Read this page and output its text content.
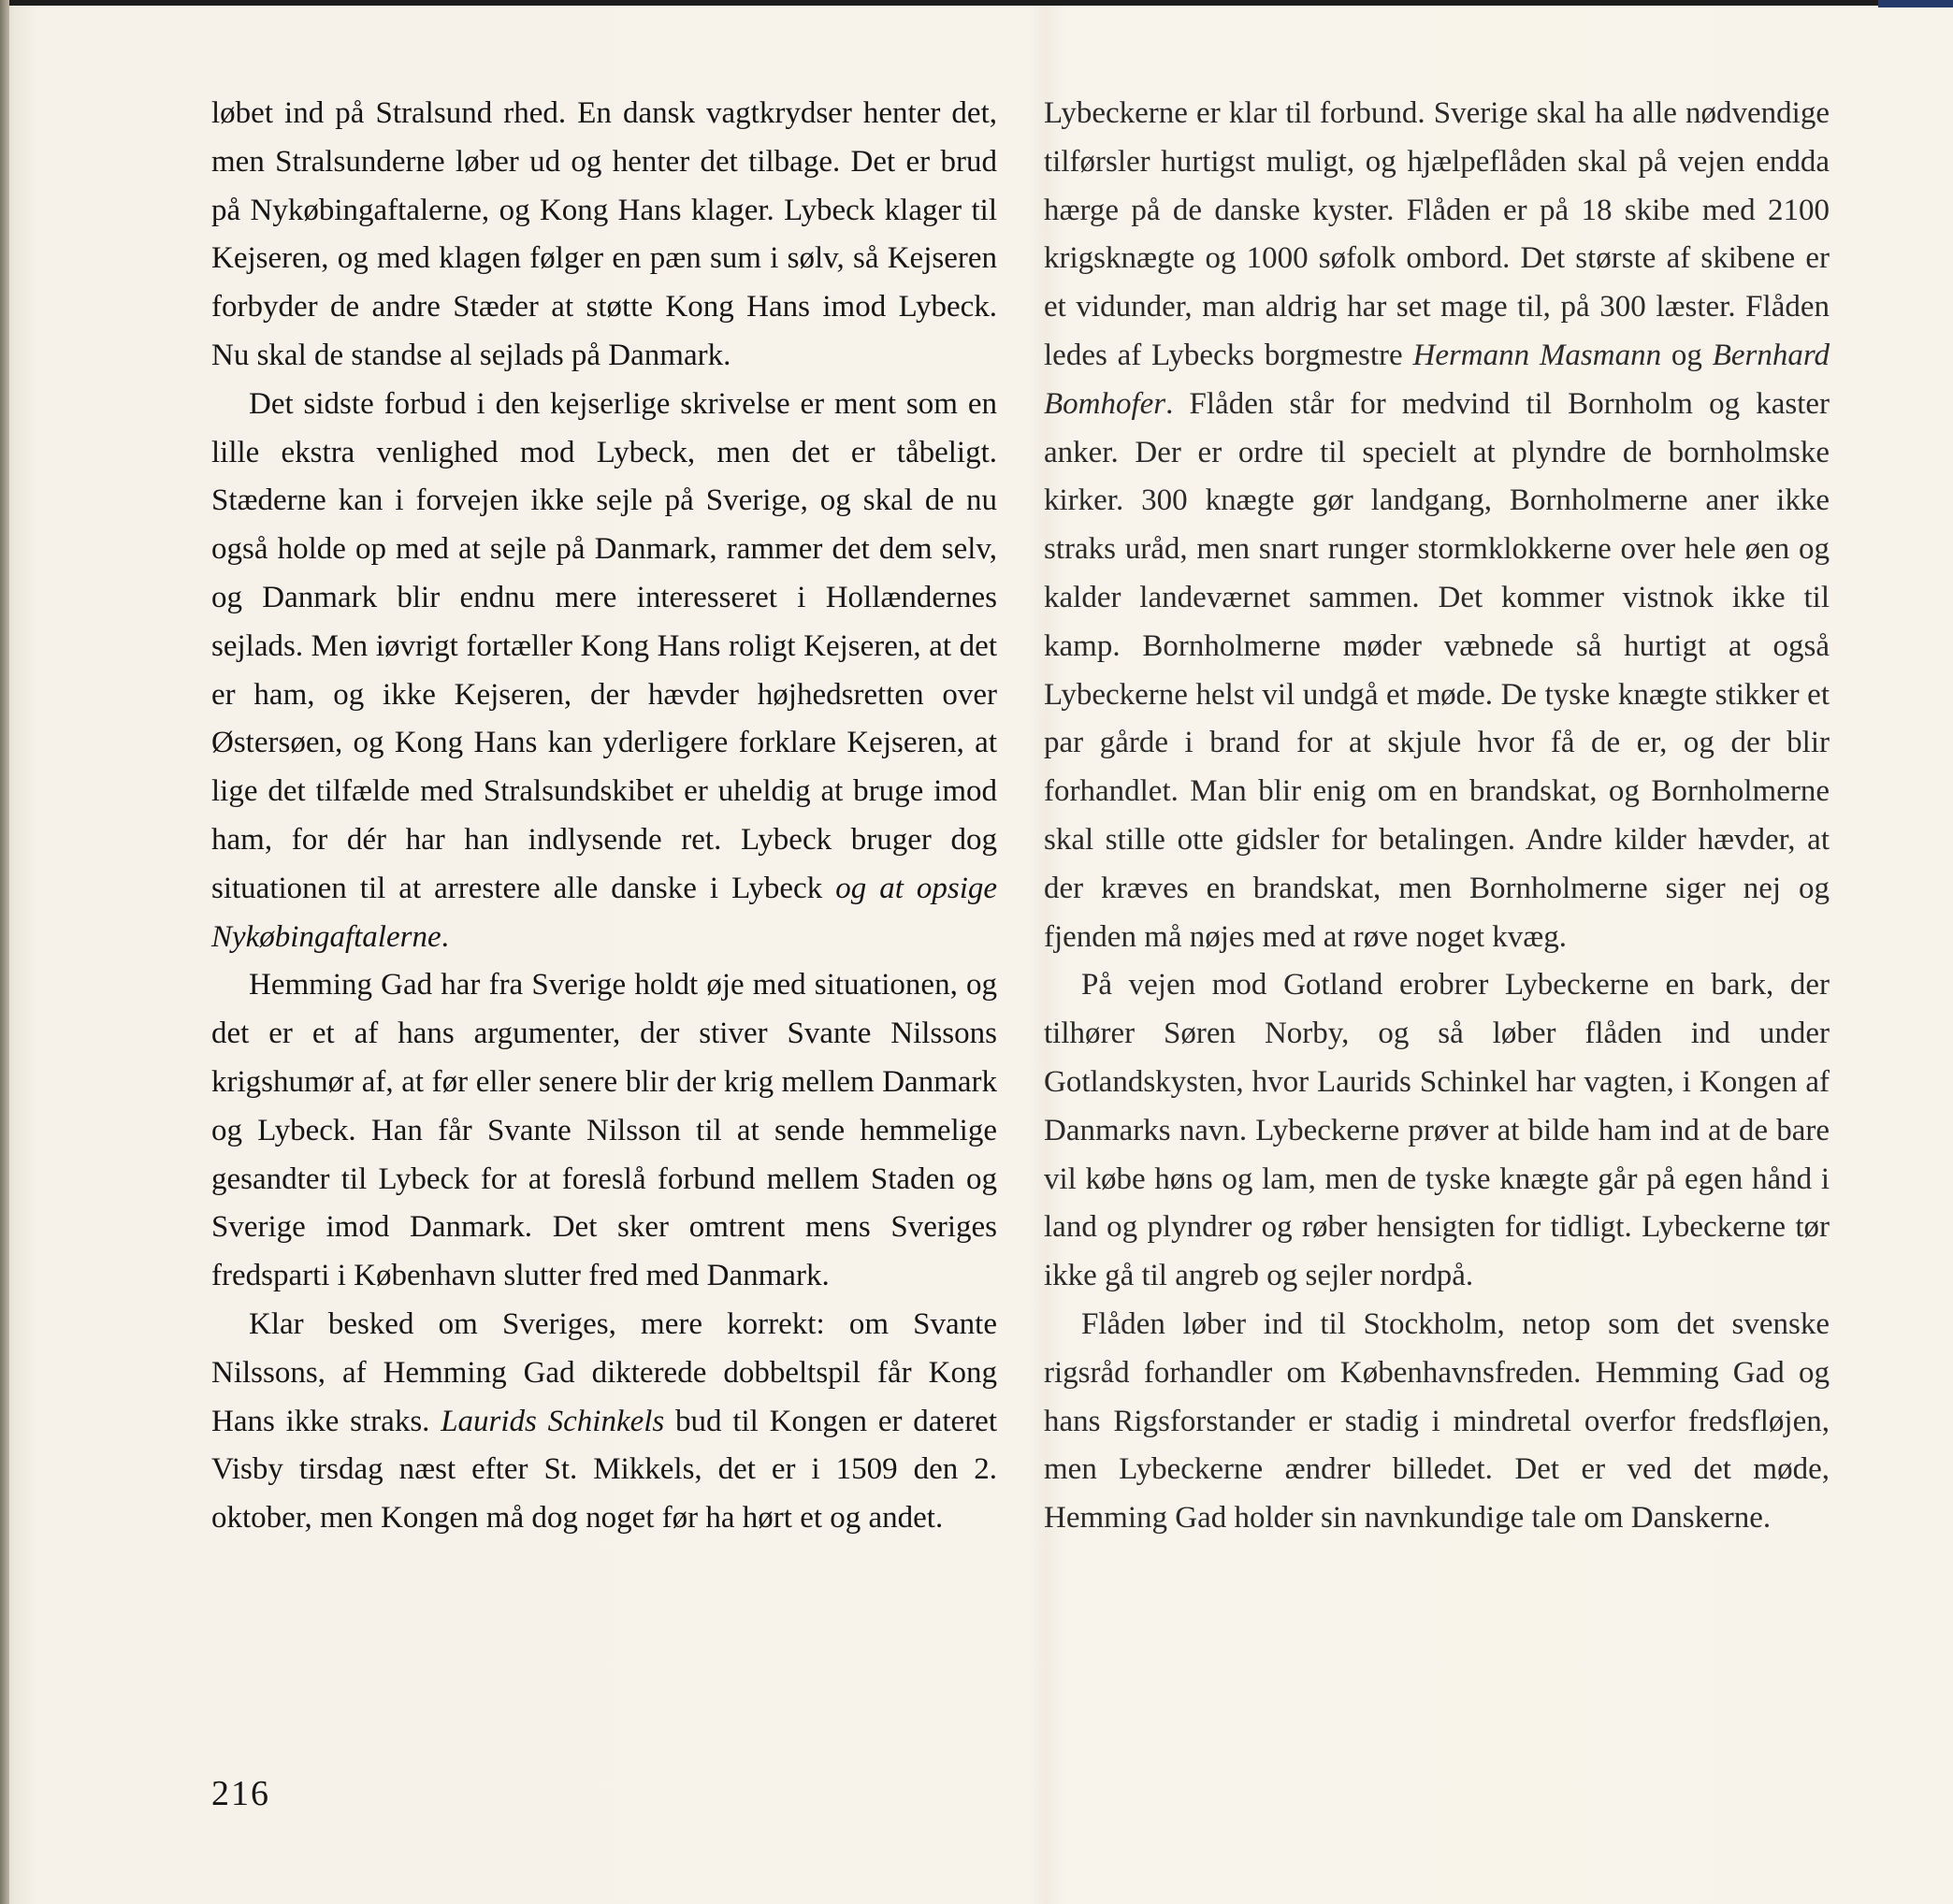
løbet ind på Stralsund rhed. En dansk vagtkrydser henter det, men Stralsunderne løber ud og henter det tilbage. Det er brud på Nykøbingaftalerne, og Kong Hans klager. Lybeck klager til Kejseren, og med klagen følger en pæn sum i sølv, så Kejseren forbyder de andre Stæder at støtte Kong Hans imod Lybeck. Nu skal de standse al sejlads på Danmark.

Det sidste forbud i den kejserlige skrivelse er ment som en lille ekstra venlighed mod Lybeck, men det er tåbeligt. Stæderne kan i forvejen ikke sejle på Sverige, og skal de nu også holde op med at sejle på Danmark, rammer det dem selv, og Danmark blir endnu mere interesseret i Hollændernes sejlads. Men iøvrigt fortæller Kong Hans roligt Kejseren, at det er ham, og ikke Kejseren, der hævder højhedsretten over Østersøen, og Kong Hans kan yderligere forklare Kejseren, at lige det tilfælde med Stralsundskibet er uheldig at bruge imod ham, for dér har han indlysende ret. Lybeck bruger dog situationen til at arrestere alle danske i Lybeck og at opsige Nykøbingaftalerne.

Hemming Gad har fra Sverige holdt øje med situationen, og det er et af hans argumenter, der stiver Svante Nilssons krigshumør af, at før eller senere blir der krig mellem Danmark og Lybeck. Han får Svante Nilsson til at sende hemmelige gesandter til Lybeck for at foreslå forbund mellem Staden og Sverige imod Danmark. Det sker omtrent mens Sveriges fredsparti i København slutter fred med Danmark.

Klar besked om Sveriges, mere korrekt: om Svante Nilssons, af Hemming Gad dikterede dobbeltspil får Kong Hans ikke straks. Laurids Schinkels bud til Kongen er dateret Visby tirsdag næst efter St. Mikkels, det er i 1509 den 2. oktober, men Kongen må dog noget før ha hørt et og andet.

Lybeckerne er klar til forbund. Sverige skal ha alle nødvendige tilførsler hurtigst muligt, og hjælpeflåden skal på vejen endda hærge på de danske kyster. Flåden er på 18 skibe med 2100 krigsknægte og 1000 søfolk ombord. Det største af skibene er et vidunder, man aldrig har set mage til, på 300 læster. Flåden ledes af Lybecks borgmestre Hermann Masmann og Bernhard Bomhofer. Flåden står for medvind til Bornholm og kaster anker. Der er ordre til specielt at plyndre de bornholmske kirker. 300 knægte gør landgang, Bornholmerne aner ikke straks uråd, men snart runger stormklokkerne over hele øen og kalder landeværnet sammen. Det kommer vistnok ikke til kamp. Bornholmerne møder væbnede så hurtigt at også Lybeckerne helst vil undgå et møde. De tyske knægte stikker et par gårde i brand for at skjule hvor få de er, og der blir forhandlet. Man blir enig om en brandskat, og Bornholmerne skal stille otte gidsler for betalingen. Andre kilder hævder, at der kræves en brandskat, men Bornholmerne siger nej og fjenden må nøjes med at røve noget kvæg.

På vejen mod Gotland erobrer Lybeckerne en bark, der tilhører Søren Norby, og så løber flåden ind under Gotlandskysten, hvor Laurids Schinkel har vagten, i Kongen af Danmarks navn. Lybeckerne prøver at bilde ham ind at de bare vil købe høns og lam, men de tyske knægte går på egen hånd i land og plyndrer og røber hensigten for tidligt. Lybeckerne tør ikke gå til angreb og sejler nordpå.

Flåden løber ind til Stockholm, netop som det svenske rigsråd forhandler om Københavnsfreden. Hemming Gad og hans Rigsforstander er stadig i mindretal overfor fredsfløjen, men Lybeckerne ændrer billedet. Det er ved det møde, Hemming Gad holder sin navnkundige tale om Danskerne.

216
